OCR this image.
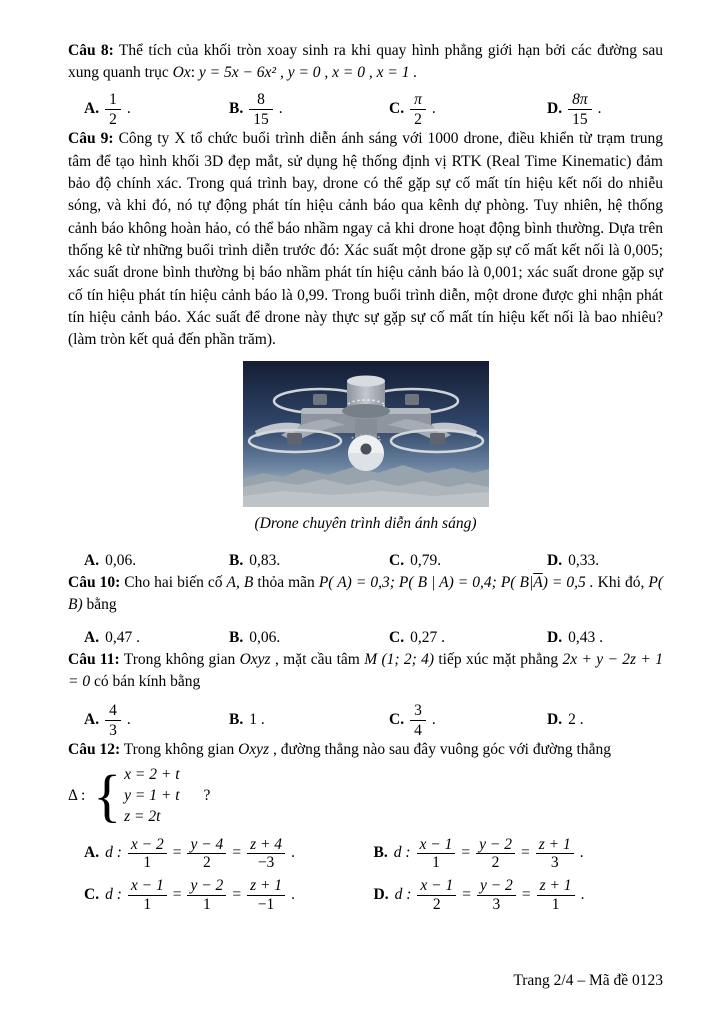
Câu 8: Thể tích của khối tròn xoay sinh ra khi quay hình phẳng giới hạn bởi các đường sau xung quanh trục Ox: y = 5x − 6x² , y = 0 , x = 0 , x = 1 .

A. $\frac{1}{2}$ .	B. $\frac{8}{15}$ .	C. $\frac{\pi}{2}$ .	D. $\frac{8\pi}{15}$ .

Câu 9: Công ty X tổ chức buổi trình diễn ánh sáng với 1000 drone, điều khiển từ trạm trung tâm để tạo hình khối 3D đẹp mắt, sử dụng hệ thống định vị RTK (Real Time Kinematic) đảm bảo độ chính xác. Trong quá trình bay, drone có thể gặp sự cố mất tín hiệu kết nối do nhiễu sóng, và khi đó, nó tự động phát tín hiệu cảnh báo qua kênh dự phòng. Tuy nhiên, hệ thống cảnh báo không hoàn hảo, có thể báo nhầm ngay cả khi drone hoạt động bình thường. Dựa trên thống kê từ những buổi trình diễn trước đó: Xác suất một drone gặp sự cố mất kết nối là 0,005; xác suất drone bình thường bị báo nhầm phát tín hiệu cảnh báo là 0,001; xác suất drone gặp sự cố tín hiệu phát tín hiệu cảnh báo là 0,99. Trong buổi trình diễn, một drone được ghi nhận phát tín hiệu cảnh báo. Xác suất để drone này thực sự gặp sự cố mất tín hiệu kết nối là bao nhiêu? (làm tròn kết quả đến phần trăm).

(Drone chuyên trình diễn ánh sáng)

A. 0,06.	B. 0,83.	C. 0,79.	D. 0,33.

Câu 10: Cho hai biến cố A, B thỏa mãn P( A) = 0,3; P( B | A) = 0,4; P( $B|\overline{A}) = 0,5$ . Khi đó, P( B) bằng

A. 0,47 .	B. 0,06.	C. 0,27 .	D. 0,43 .

Câu 11: Trong không gian Oxyz , mặt cầu tâm M (1; 2; 4) tiếp xúc mặt phẳng 2x + y − 2z + 1 = 0 có bán kính bằng

A. $\frac{4}{3}$ .	B. 1 .	C. $\frac{3}{4}$ .	D. 2 .

Câu 12: Trong không gian Oxyz , đường thẳng nào sau đây vuông góc với đường thẳng

Δ : { x = 2 + t
y = 1 + t
z = 2t
?
A. d : $\frac{x - 2}{1} = \frac{y - 4}{2} = \frac{z + 4}{-3}$ .	B. d : $\frac{x - 1}{1} = \frac{y - 2}{2} = \frac{z + 1}{3}$ .
C. d : $\frac{x - 1}{1} = \frac{y - 2}{1} = \frac{z + 1}{-1}$ .	D. d : $\frac{x - 1}{2} = \frac{y - 2}{3} = \frac{z + 1}{1}$ .
Trang 2/4 – Mã đề 0123
